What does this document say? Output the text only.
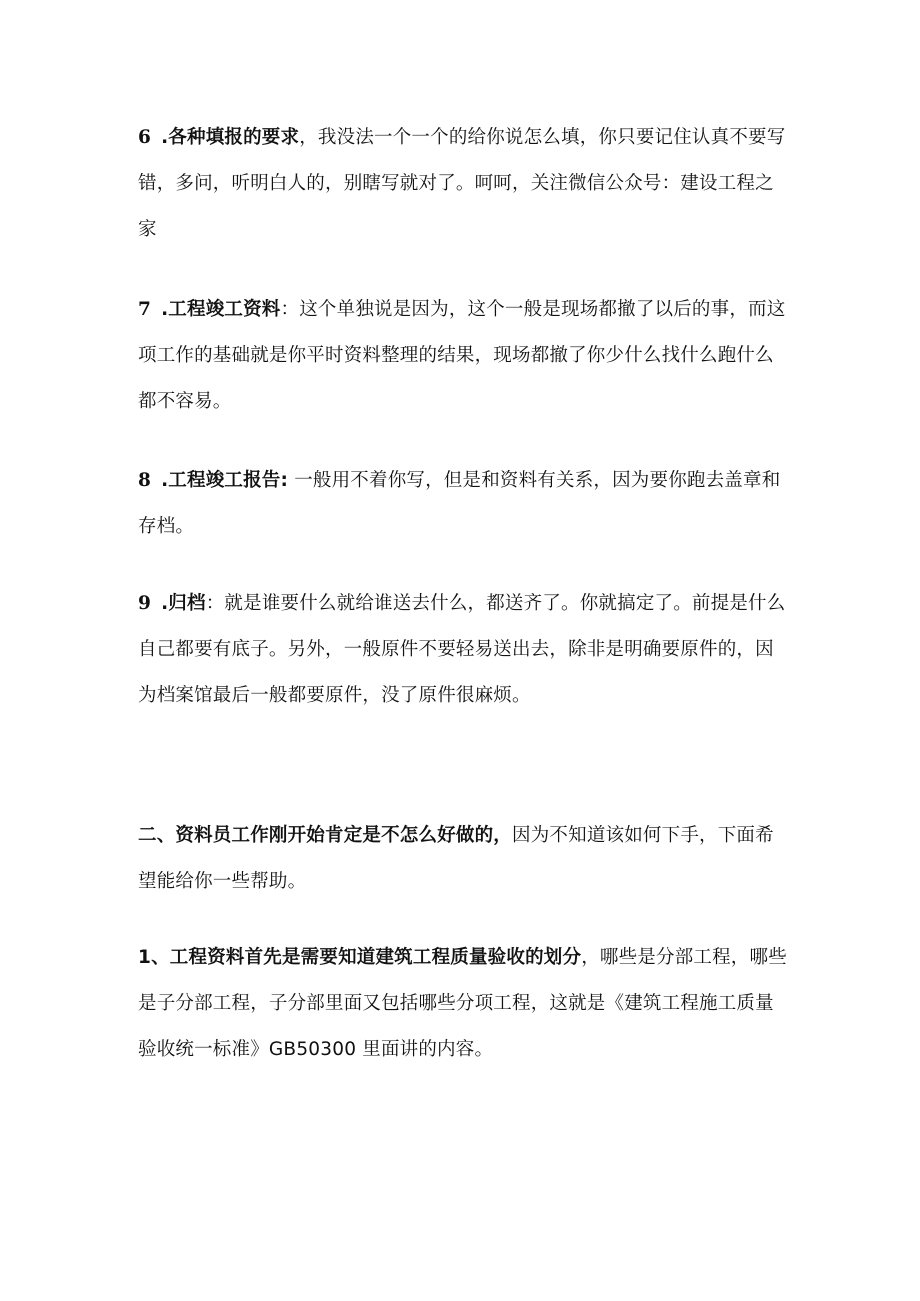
6 .各种填报的要求，我没法一个一个的给你说怎么填，你只要记住认真不要写错，多问，听明白人的，别瞎写就对了。呵呵，关注微信公众号：建设工程之家

7 .工程竣工资料：这个单独说是因为，这个一般是现场都撤了以后的事，而这项工作的基础就是你平时资料整理的结果，现场都撤了你少什么找什么跑什么都不容易。

8 .工程竣工报告: 一般用不着你写，但是和资料有关系，因为要你跑去盖章和存档。

9 .归档：就是谁要什么就给谁送去什么，都送齐了。你就搞定了。前提是什么自己都要有底子。另外，一般原件不要轻易送出去，除非是明确要原件的，因为档案馆最后一般都要原件，没了原件很麻烦。

二、资料员工作刚开始肯定是不怎么好做的，因为不知道该如何下手，下面希望能给你一些帮助。

1、工程资料首先是需要知道建筑工程质量验收的划分，哪些是分部工程，哪些是子分部工程，子分部里面又包括哪些分项工程，这就是《建筑工程施工质量验收统一标准》GB50300 里面讲的内容。
